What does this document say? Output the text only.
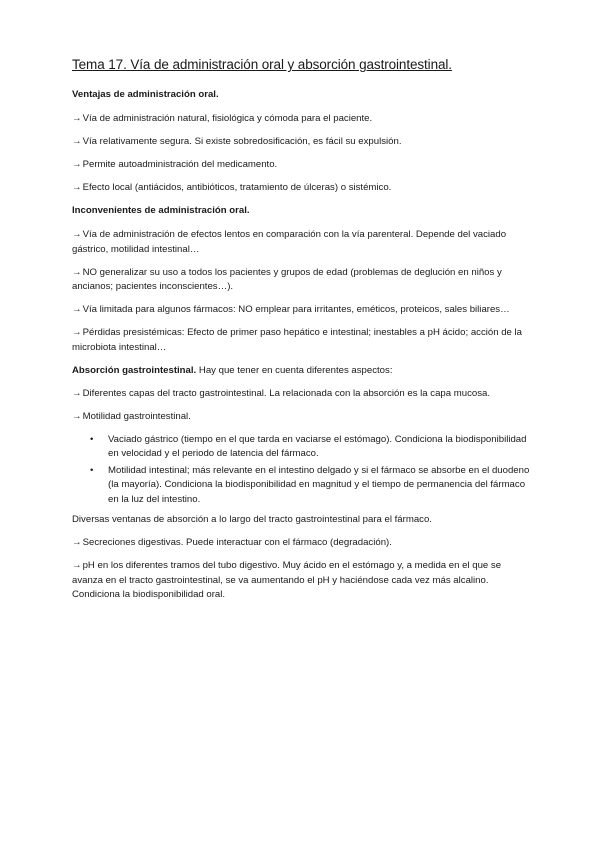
Tema 17. Vía de administración oral y absorción gastrointestinal.
Ventajas de administración oral.

→Vía de administración natural, fisiológica y cómoda para el paciente.

→Vía relativamente segura. Si existe sobredosificación, es fácil su expulsión.

→Permite autoadministración del medicamento.

→Efecto local (antiácidos, antibióticos, tratamiento de úlceras) o sistémico.

Inconvenientes de administración oral.

→Vía de administración de efectos lentos en comparación con la vía parenteral. Depende del vaciado gástrico, motilidad intestinal…

→NO generalizar su uso a todos los pacientes y grupos de edad (problemas de deglución en niños y ancianos; pacientes inconscientes…).

→Vía limitada para algunos fármacos: NO emplear para irritantes, eméticos, proteicos, sales biliares…

→Pérdidas presistémicas: Efecto de primer paso hepático e intestinal; inestables a pH ácido; acción de la microbiota intestinal…

Absorción gastrointestinal. Hay que tener en cuenta diferentes aspectos:

→Diferentes capas del tracto gastrointestinal. La relacionada con la absorción es la capa mucosa.

→Motilidad gastrointestinal.

• Vaciado gástrico (tiempo en el que tarda en vaciarse el estómago). Condiciona la biodisponibilidad en velocidad y el periodo de latencia del fármaco.
• Motilidad intestinal; más relevante en el intestino delgado y si el fármaco se absorbe en el duodeno (la mayoría). Condiciona la biodisponibilidad en magnitud y el tiempo de permanencia del fármaco en la luz del intestino.

Diversas ventanas de absorción a lo largo del tracto gastrointestinal para el fármaco.

→Secreciones digestivas. Puede interactuar con el fármaco (degradación).

→pH en los diferentes tramos del tubo digestivo. Muy ácido en el estómago y, a medida en el que se avanza en el tracto gastrointestinal, se va aumentando el pH y haciéndose cada vez más alcalino. Condiciona la biodisponibilidad oral.
